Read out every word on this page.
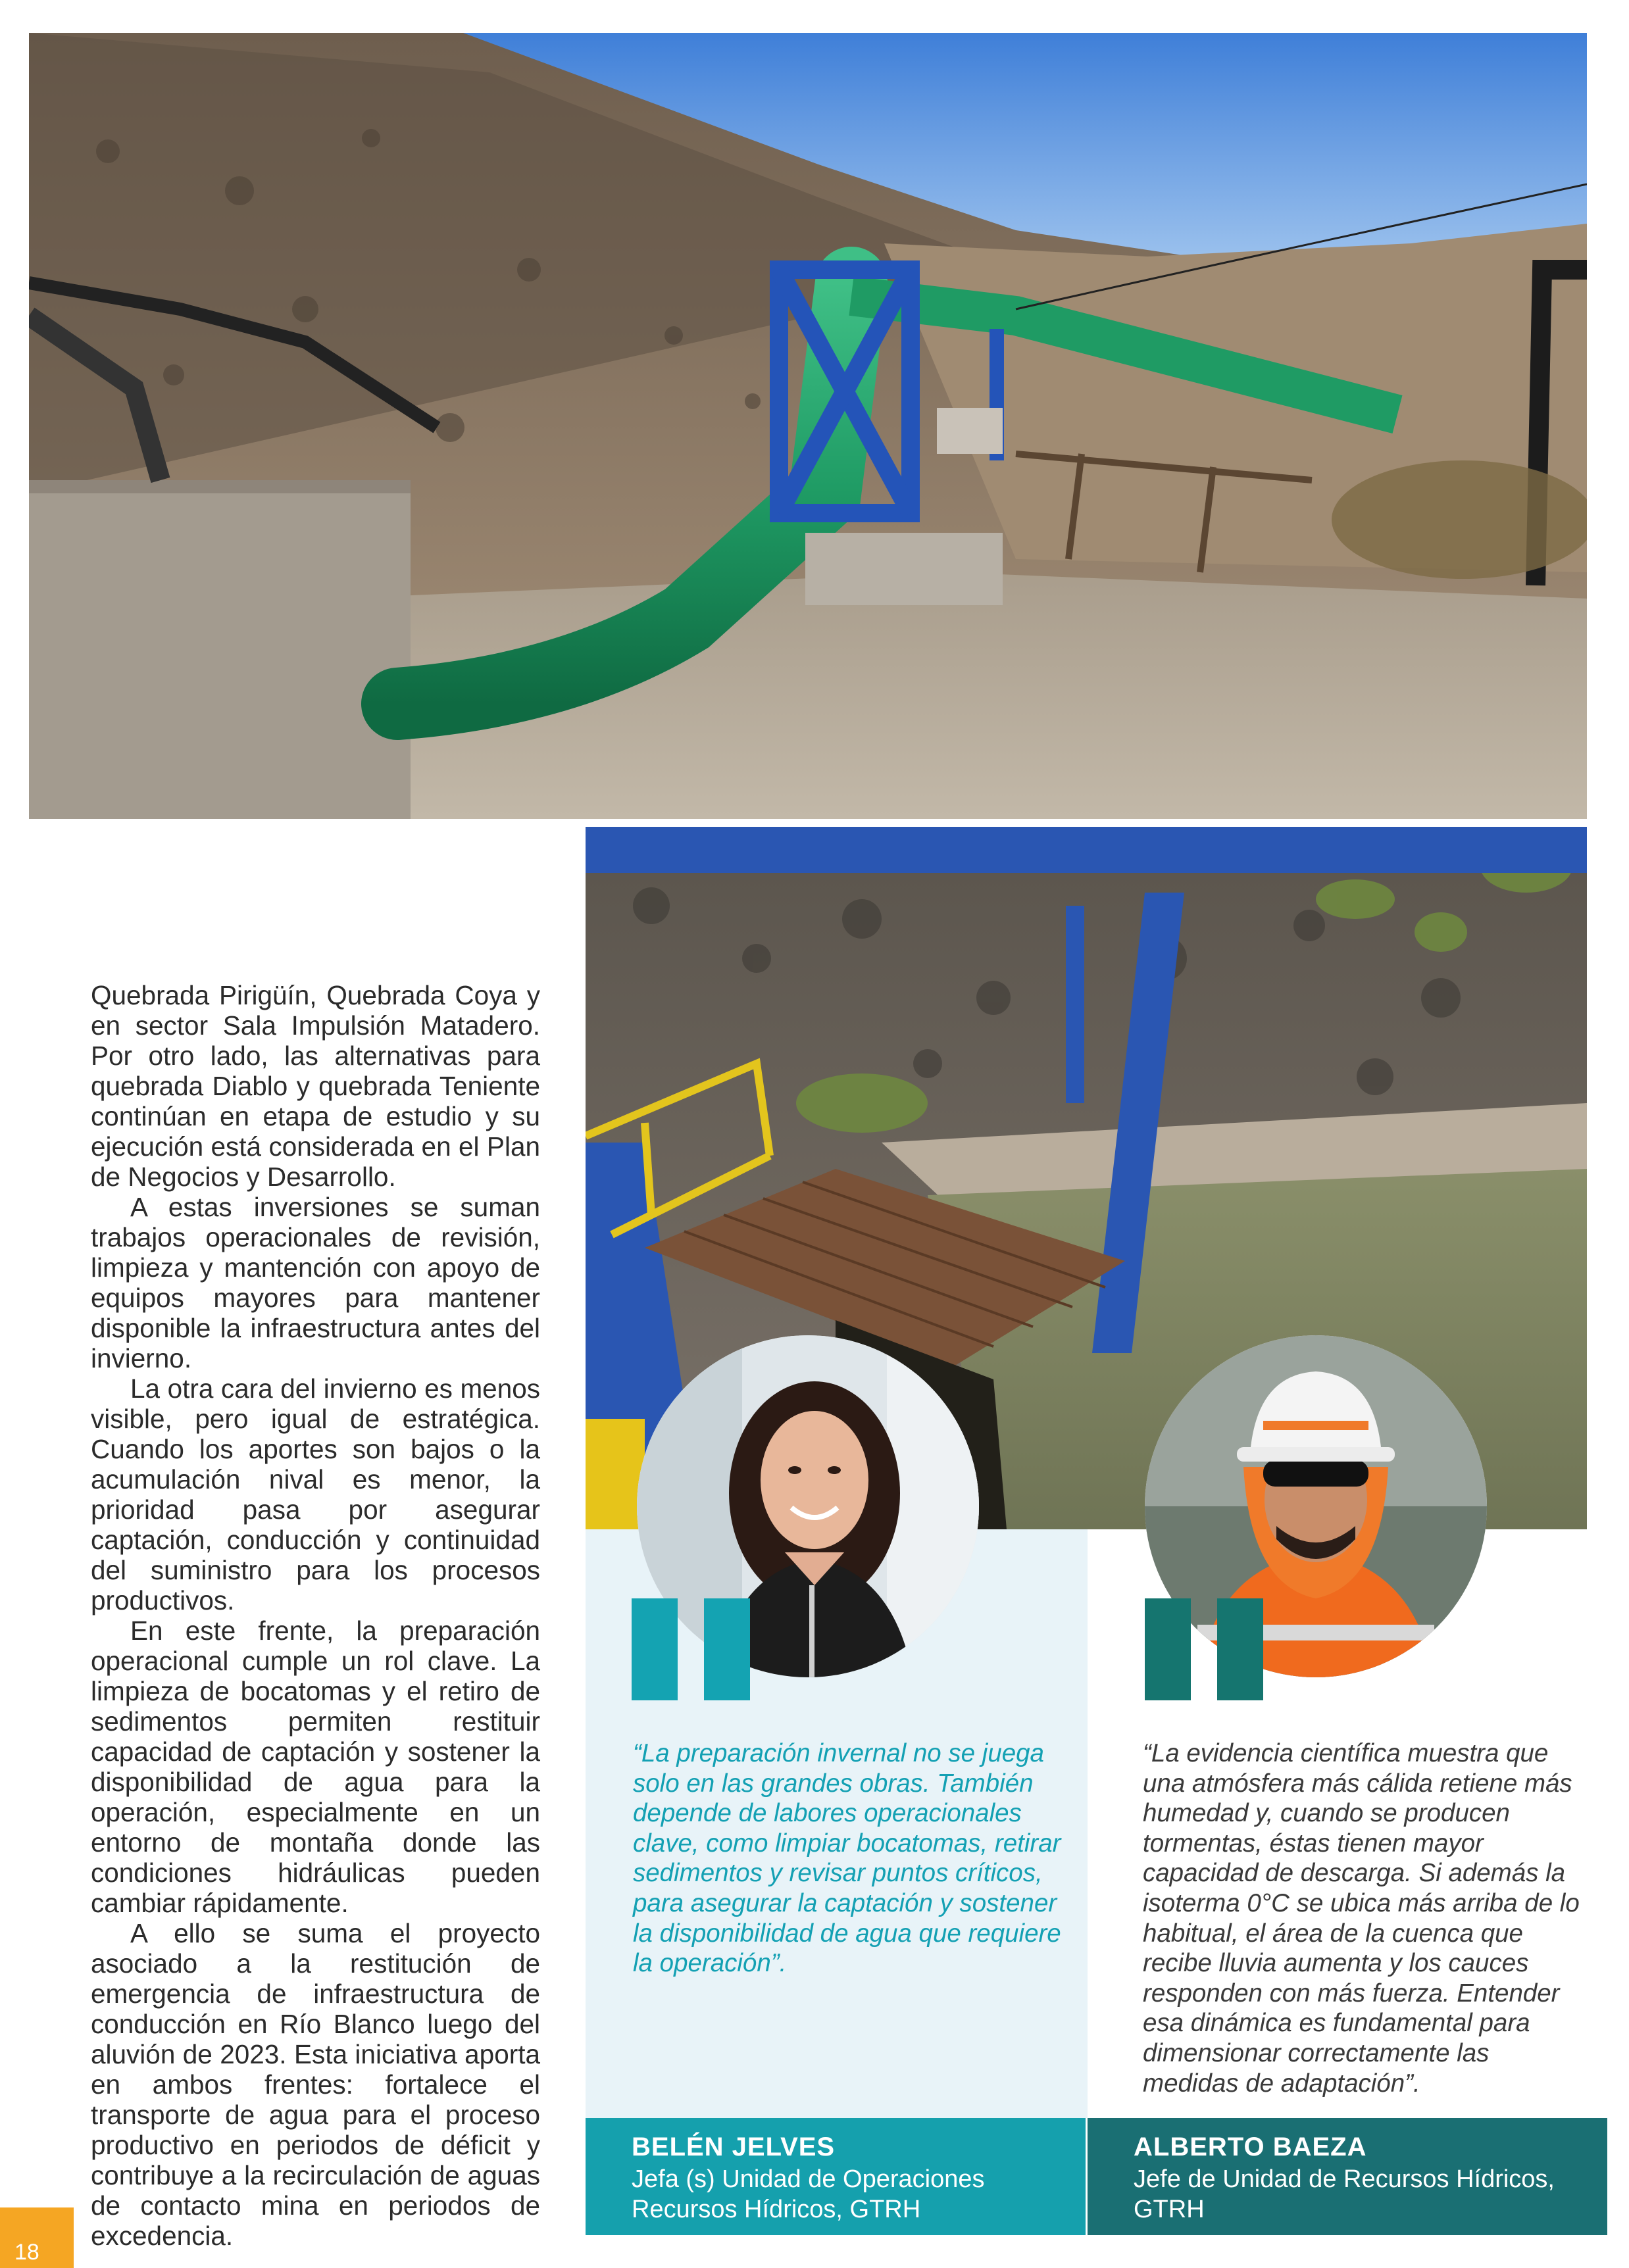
Quebrada Pirigüín, Quebrada Coya y en sector Sala Impulsión Matadero. Por otro lado, las alternativas para quebrada Diablo y quebrada Teniente continúan en etapa de estudio y su ejecución está considerada en el Plan de Negocios y Desarrollo.

A estas inversiones se suman trabajos operacionales de revisión, limpieza y mantención con apoyo de equipos mayores para mantener disponible la infraestructura antes del invierno.

La otra cara del invierno es menos visible, pero igual de estratégica. Cuando los aportes son bajos o la acumulación nival es menor, la prioridad pasa por asegurar captación, conducción y continuidad del suministro para los procesos productivos.

En este frente, la preparación operacional cumple un rol clave. La limpieza de bocatomas y el retiro de sedimentos permiten restituir capacidad de captación y sostener la disponibilidad de agua para la operación, especialmente en un entorno de montaña donde las condiciones hidráulicas pueden cambiar rápidamente.

A ello se suma el proyecto asociado a la restitución de emergencia de infraestructura de conducción en Río Blanco luego del aluvión de 2023. Esta iniciativa aporta en ambos frentes: fortalece el transporte de agua para el proceso productivo en periodos de déficit y contribuye a la recirculación de aguas de contacto mina en periodos de excedencia.

“La preparación invernal no se juega solo en las grandes obras. También depende de labores operacionales clave, como limpiar bocatomas, retirar sedimentos y revisar puntos críticos, para asegurar la captación y sostener la disponibilidad de agua que requiere la operación”.
“La evidencia científica muestra que una atmósfera más cálida retiene más humedad y, cuando se producen tormentas, éstas tienen mayor capacidad de descarga. Si además la isoterma 0°C se ubica más arriba de lo habitual, el área de la cuenca que recibe lluvia aumenta y los cauces responden con más fuerza. Entender esa dinámica es fundamental para dimensionar correctamente las medidas de adaptación”.
BELÉN JELVES
Jefa (s) Unidad de Operaciones Recursos Hídricos, GTRH
ALBERTO BAEZA
Jefe de Unidad de Recursos Hídricos, GTRH
18
